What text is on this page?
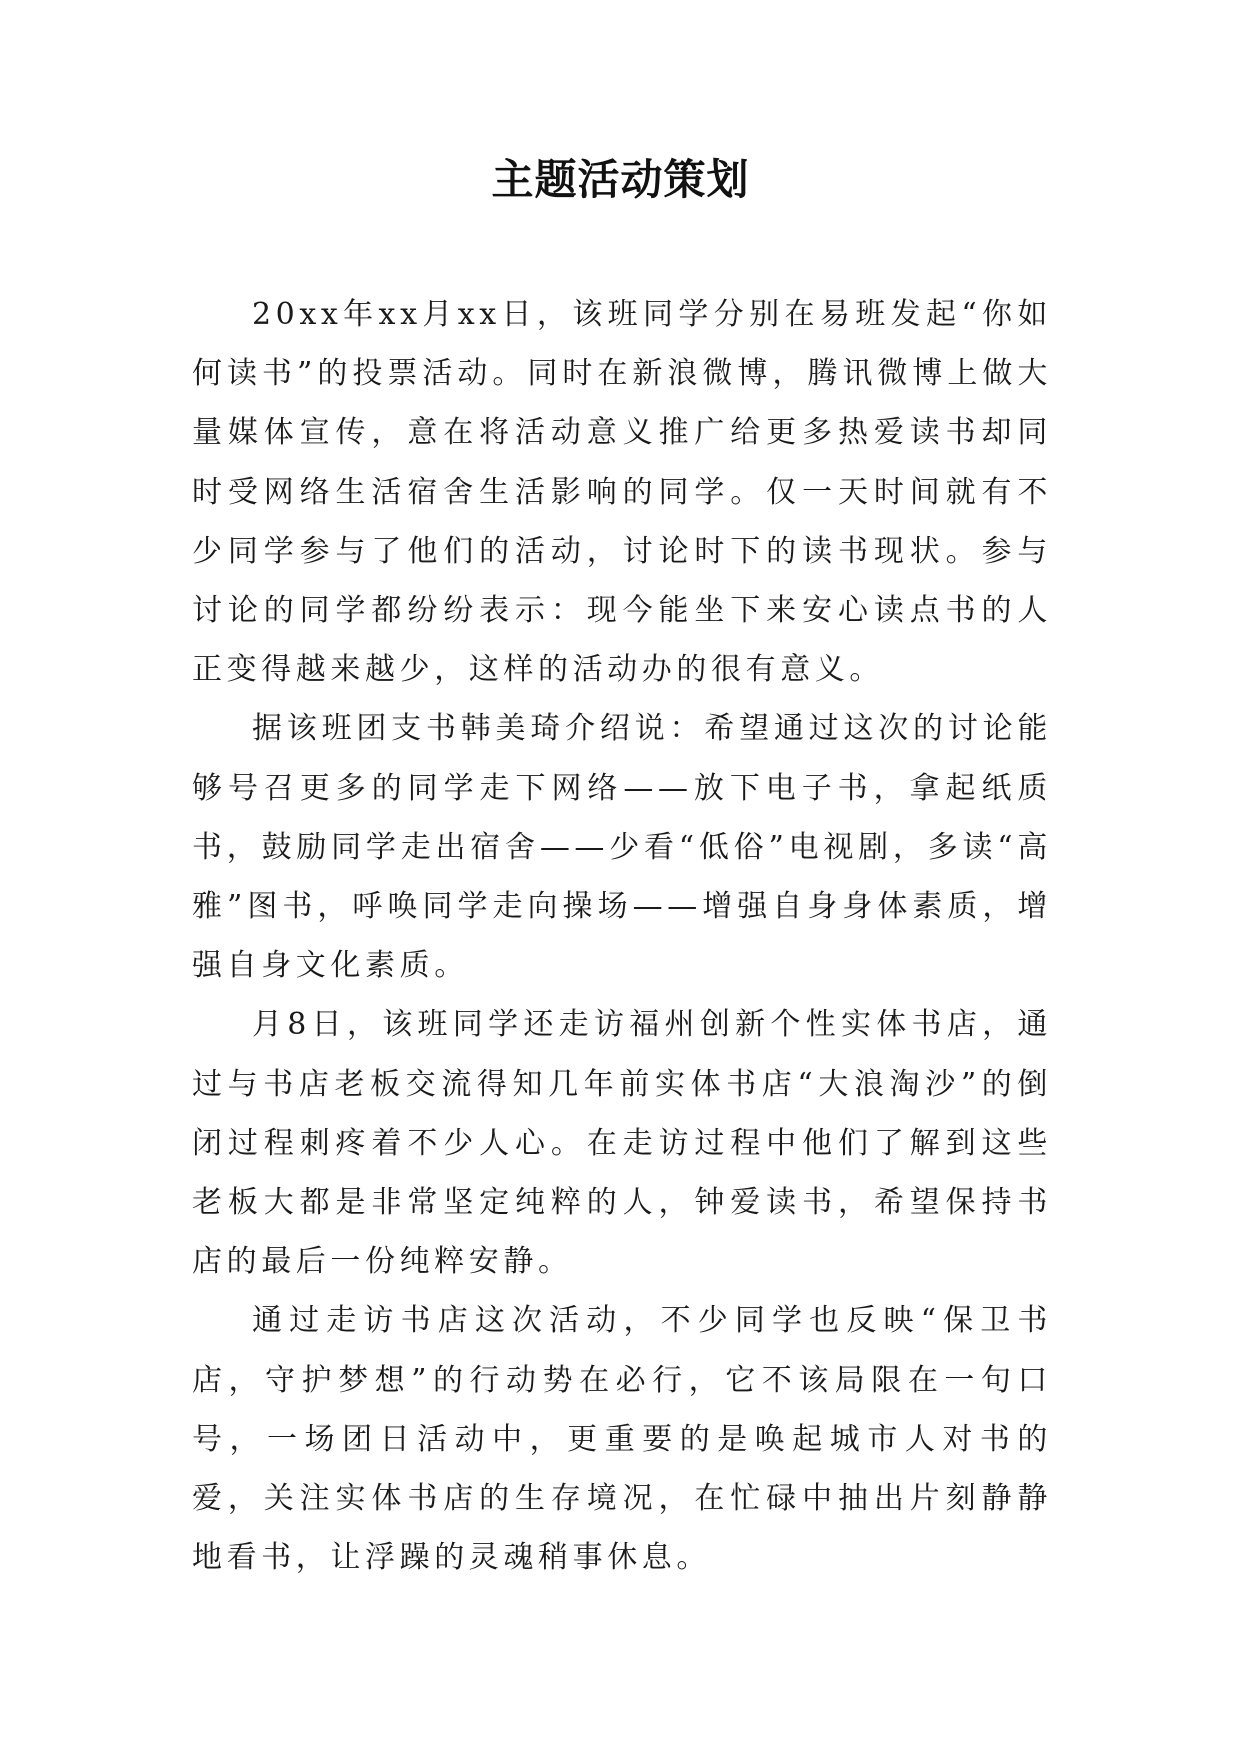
主题活动策划

20xx年xx月xx日，该班同学分别在易班发起“你如何读书”的投票活动。同时在新浪微博，腾讯微博上做大量媒体宣传，意在将活动意义推广给更多热爱读书却同时受网络生活宿舍生活影响的同学。仅一天时间就有不少同学参与了他们的活动，讨论时下的读书现状。参与讨论的同学都纷纷表示：现今能坐下来安心读点书的人正变得越来越少，这样的活动办的很有意义。

据该班团支书韩美琦介绍说：希望通过这次的讨论能够号召更多的同学走下网络——放下电子书，拿起纸质书，鼓励同学走出宿舍——少看“低俗”电视剧，多读“高雅”图书，呼唤同学走向操场——增强自身身体素质，增强自身文化素质。

月8日，该班同学还走访福州创新个性实体书店，通过与书店老板交流得知几年前实体书店“大浪淘沙”的倒闭过程刺疼着不少人心。在走访过程中他们了解到这些老板大都是非常坚定纯粹的人，钟爱读书，希望保持书店的最后一份纯粹安静。

通过走访书店这次活动，不少同学也反映“保卫书店，守护梦想”的行动势在必行，它不该局限在一句口号，一场团日活动中，更重要的是唤起城市人对书的爱，关注实体书店的生存境况，在忙碌中抽出片刻静静地看书，让浮躁的灵魂稍事休息。
